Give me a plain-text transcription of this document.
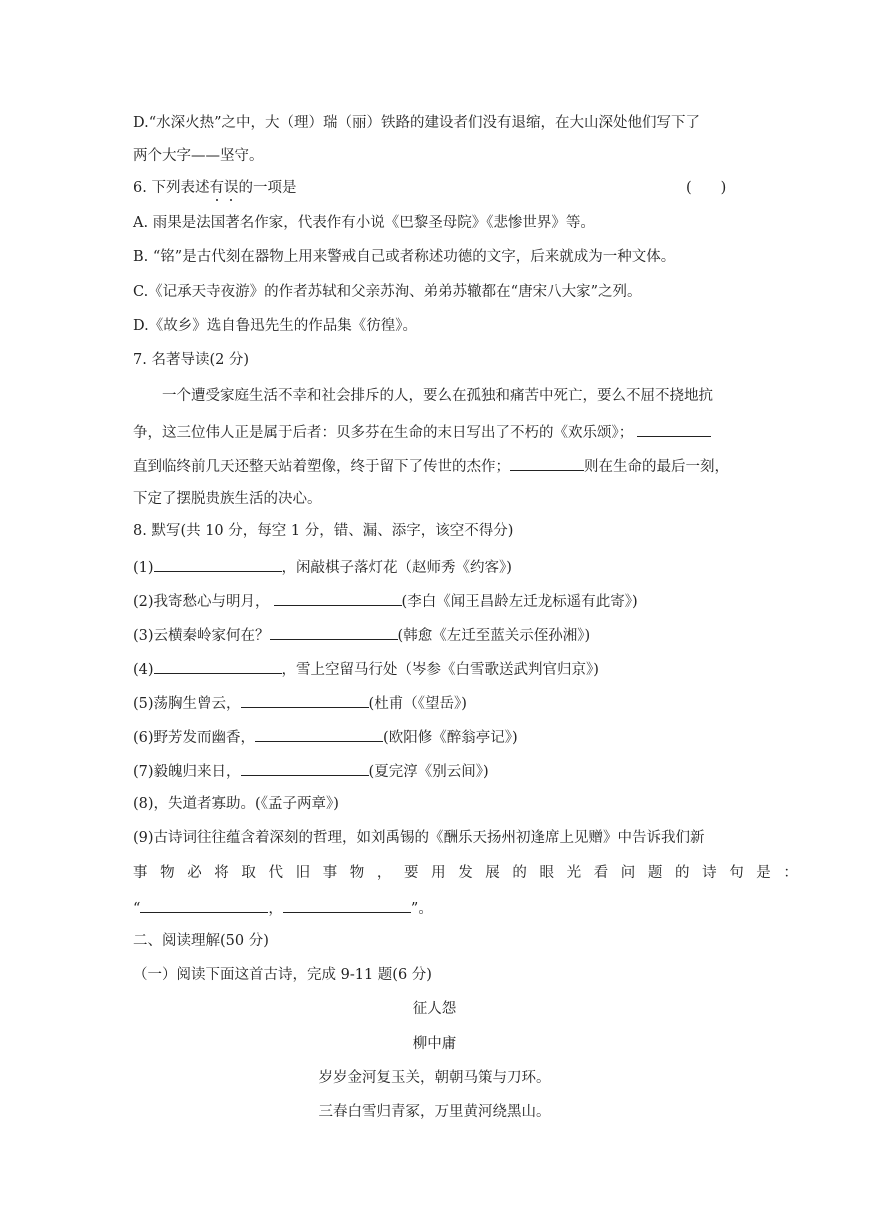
D.“水深火热”之中，大（理）瑞（丽）铁路的建设者们没有退缩，在大山深处他们写下了
两个大字——坚守。
6. 下列表述有误的一项是	(　　)
A. 雨果是法国著名作家，代表作有小说《巴黎圣母院》《悲惨世界》等。
B. “铭”是古代刻在器物上用来警戒自己或者称述功德的文字，后来就成为一种文体。
C.《记承天寺夜游》的作者苏轼和父亲苏洵、弟弟苏辙都在“唐宋八大家”之列。
D.《故乡》选自鲁迅先生的作品集《彷徨》。
7. 名著导读(2 分)
一个遭受家庭生活不幸和社会排斥的人，要么在孤独和痛苦中死亡，要么不屈不挠地抗
争，这三位伟人正是属于后者：贝多芬在生命的末日写出了不朽的《欢乐颂》；
直到临终前几天还整天站着塑像，终于留下了传世的杰作；	则在生命的最后一刻，
下定了摆脱贵族生活的决心。
8. 默写(共 10 分，每空 1 分，错、漏、添字，该空不得分)
(1)	，闲敲棋子落灯花（赵师秀《约客》)
(2)我寄愁心与明月，	(李白《闻王昌龄左迁龙标遥有此寄》)
(3)云横秦岭家何在？	(韩愈《左迁至蓝关示侄孙湘》)
(4)	，雪上空留马行处（岑参《白雪歌送武判官归京》)
(5)荡胸生曾云，	(杜甫（《望岳》)
(6)野芳发而幽香，	(欧阳修《醉翁亭记》)
(7)毅魄归来日，	(夏完淳《别云间》)
(8)，失道者寡助。(《孟子两章》)
(9)古诗词往往蕴含着深刻的哲理，如刘禹锡的《酬乐天扬州初逢席上见赠》中告诉我们新
事物必将取代旧事物，要用发展的眼光看问题的诗句是：
“	，	”。
二、阅读理解(50 分)
（一）阅读下面这首古诗，完成 9-11 题(6 分)
征人怨
柳中庸
岁岁金河复玉关，朝朝马策与刀环。
三春白雪归青冢，万里黄河绕黑山。
